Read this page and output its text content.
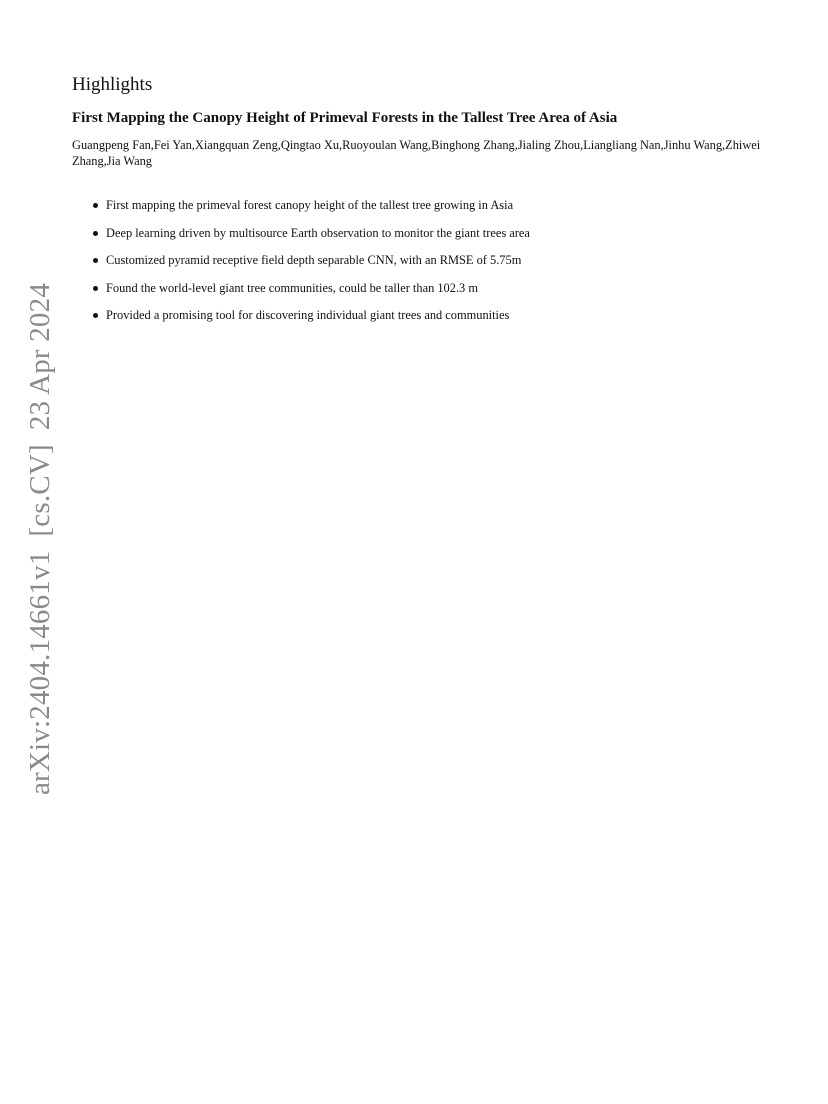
Highlights
First Mapping the Canopy Height of Primeval Forests in the Tallest Tree Area of Asia

Guangpeng Fan,Fei Yan,Xiangquan Zeng,Qingtao Xu,Ruoyoulan Wang,Binghong Zhang,Jialing Zhou,Liangliang Nan,Jinhu Wang,Zhiwei Zhang,Jia Wang

First mapping the primeval forest canopy height of the tallest tree growing in Asia
Deep learning driven by multisource Earth observation to monitor the giant trees area
Customized pyramid receptive field depth separable CNN, with an RMSE of 5.75m
Found the world-level giant tree communities, could be taller than 102.3 m
Provided a promising tool for discovering individual giant trees and communities
arXiv:2404.14661v1[cs.CV]23 Apr 2024
